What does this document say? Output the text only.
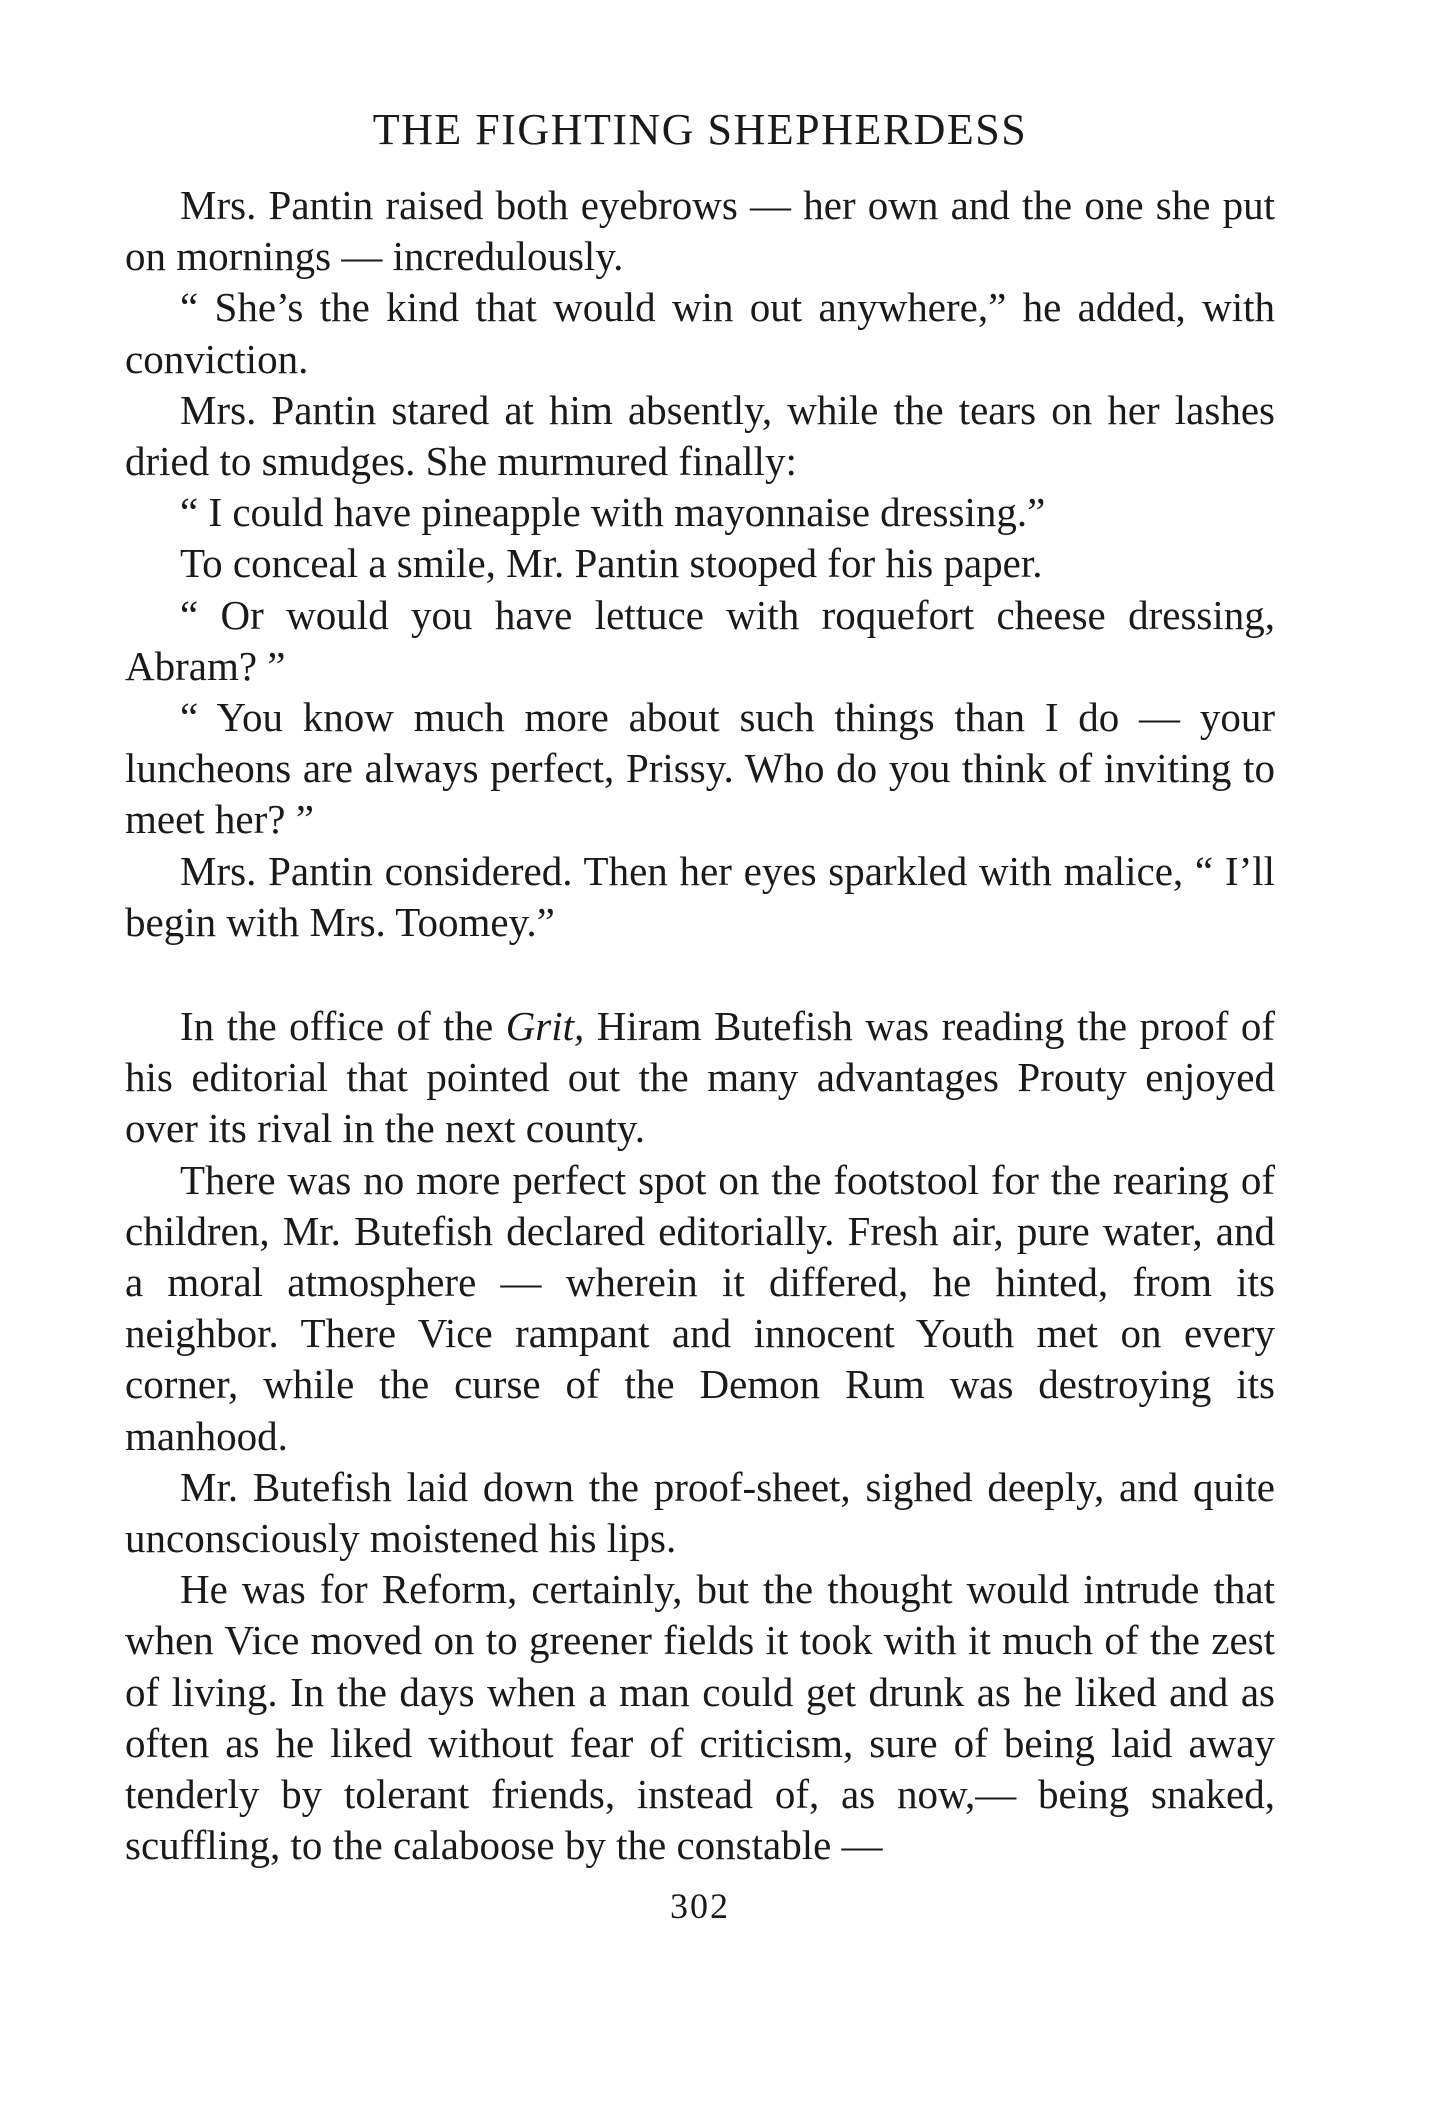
THE FIGHTING SHEPHERDESS

Mrs. Pantin raised both eyebrows — her own and the one she put on mornings — incredulously.

“ She’s the kind that would win out anywhere,” he added, with conviction.

Mrs. Pantin stared at him absently, while the tears on her lashes dried to smudges. She murmured finally:

“ I could have pineapple with mayonnaise dressing.”

To conceal a smile, Mr. Pantin stooped for his paper.

“ Or would you have lettuce with roquefort cheese dressing, Abram? ”

“ You know much more about such things than I do — your luncheons are always perfect, Prissy. Who do you think of inviting to meet her? ”

Mrs. Pantin considered. Then her eyes sparkled with malice, “ I’ll begin with Mrs. Toomey.”

In the office of the Grit, Hiram Butefish was reading the proof of his editorial that pointed out the many advantages Prouty enjoyed over its rival in the next county.

There was no more perfect spot on the footstool for the rearing of children, Mr. Butefish declared editorially. Fresh air, pure water, and a moral atmosphere — wherein it differed, he hinted, from its neighbor. There Vice rampant and innocent Youth met on every corner, while the curse of the Demon Rum was destroying its manhood.

Mr. Butefish laid down the proof-sheet, sighed deeply, and quite unconsciously moistened his lips.

He was for Reform, certainly, but the thought would intrude that when Vice moved on to greener fields it took with it much of the zest of living. In the days when a man could get drunk as he liked and as often as he liked without fear of criticism, sure of being laid away tenderly by tolerant friends, instead of, as now,— being snaked, scuffling, to the calaboose by the constable —

302
